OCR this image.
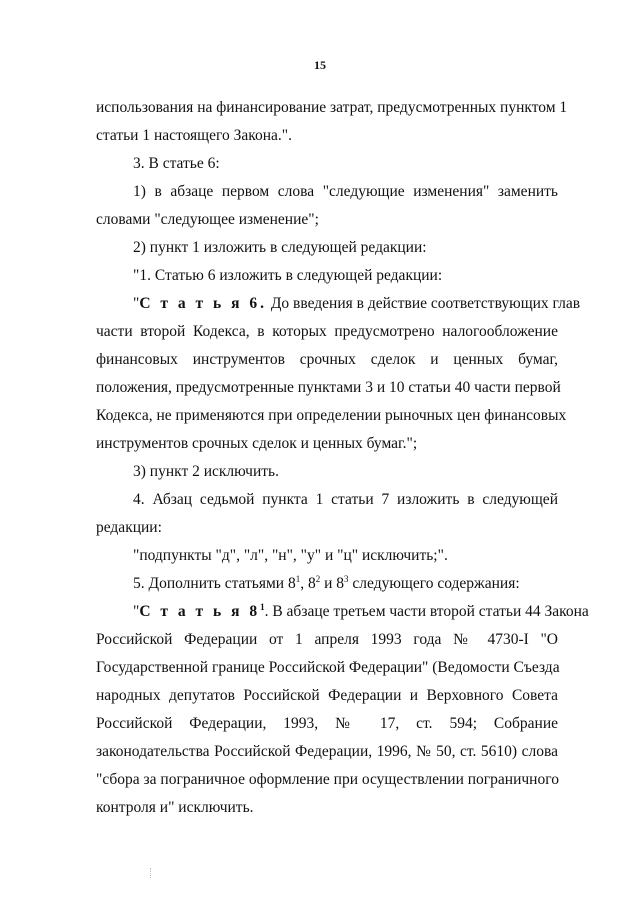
15
использования на финансирование затрат, предусмотренных пунктом 1
статьи 1 настоящего Закона.".
3. В статье 6:
1) в абзаце первом слова "следующие изменения" заменить
словами "следующее изменение";
2) пункт 1 изложить в следующей редакции:
"1. Статью 6 изложить в следующей редакции:
"С т а т ь я 6. До введения в действие соответствующих глав
части второй Кодекса, в которых предусмотрено налогообложение
финансовых инструментов срочных сделок и ценных бумаг,
положения, предусмотренные пунктами 3 и 10 статьи 40 части первой
Кодекса, не применяются при определении рыночных цен финансовых
инструментов срочных сделок и ценных бумаг.";
3) пункт 2 исключить.
4. Абзац седьмой пункта 1 статьи 7 изложить в следующей
редакции:
"подпункты "д", "л", "н", "у" и "ц" исключить;".
5. Дополнить статьями $8^1$, $8^2$ и $8^3$ следующего содержания:
"С т а т ь я $8^1$. В абзаце третьем части второй статьи 44 Закона
Российской Федерации от 1 апреля 1993 года № 4730-I "О
Государственной границе Российской Федерации" (Ведомости Съезда
народных депутатов Российской Федерации и Верховного Совета
Российской Федерации, 1993, № 17, ст. 594; Собрание
законодательства Российской Федерации, 1996, № 50, ст. 5610) слова
"сбора за пограничное оформление при осуществлении пограничного
контроля и" исключить.
